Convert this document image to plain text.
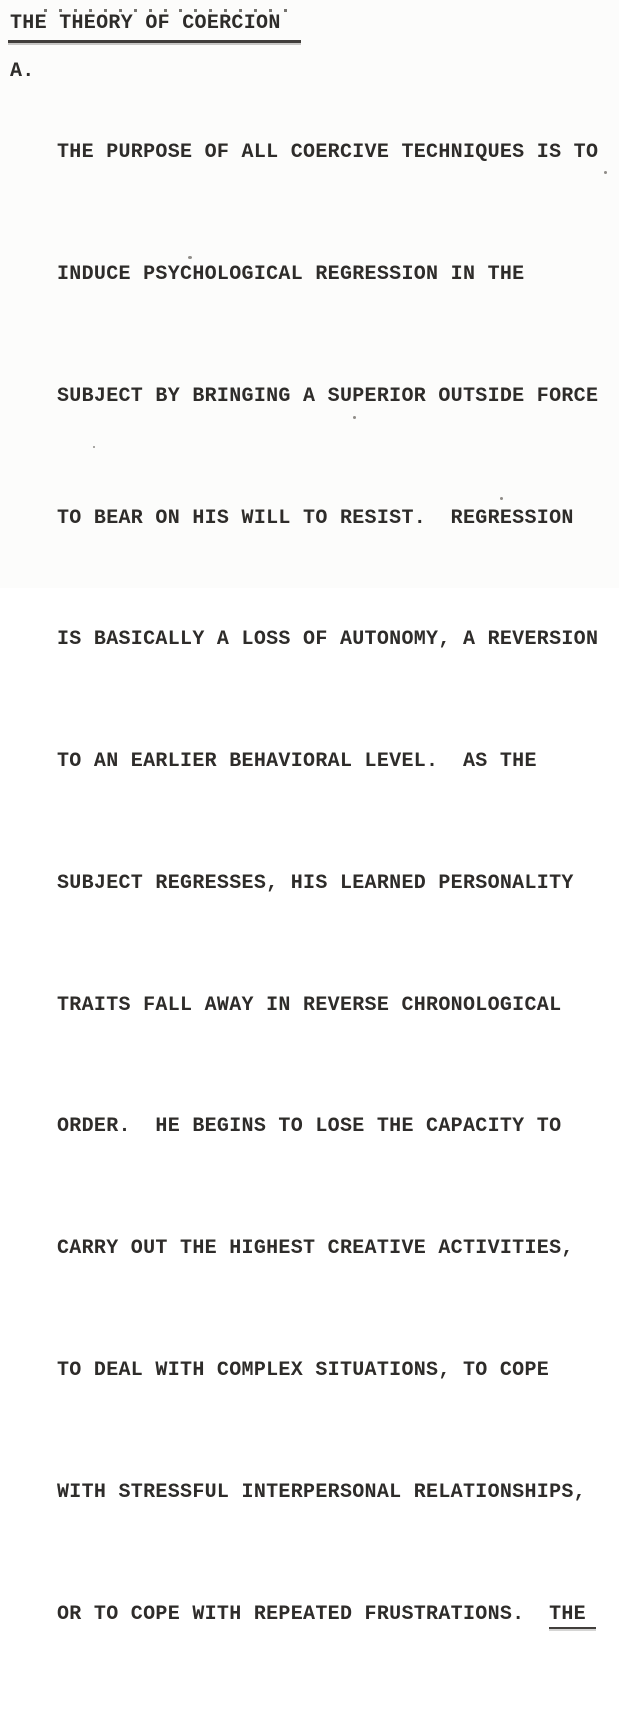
THE THEORY OF COERCION
A.

THE PURPOSE OF ALL COERCIVE TECHNIQUES IS TO

INDUCE PSYCHOLOGICAL REGRESSION IN THE

SUBJECT BY BRINGING A SUPERIOR OUTSIDE FORCE

TO BEAR ON HIS WILL TO RESIST.  REGRESSION

IS BASICALLY A LOSS OF AUTONOMY, A REVERSION

TO AN EARLIER BEHAVIORAL LEVEL.  AS THE

SUBJECT REGRESSES, HIS LEARNED PERSONALITY

TRAITS FALL AWAY IN REVERSE CHRONOLOGICAL

ORDER.  HE BEGINS TO LOSE THE CAPACITY TO

CARRY OUT THE HIGHEST CREATIVE ACTIVITIES,

TO DEAL WITH COMPLEX SITUATIONS, TO COPE

WITH STRESSFUL INTERPERSONAL RELATIONSHIPS,

OR TO COPE WITH REPEATED FRUSTRATIONS.  THE
